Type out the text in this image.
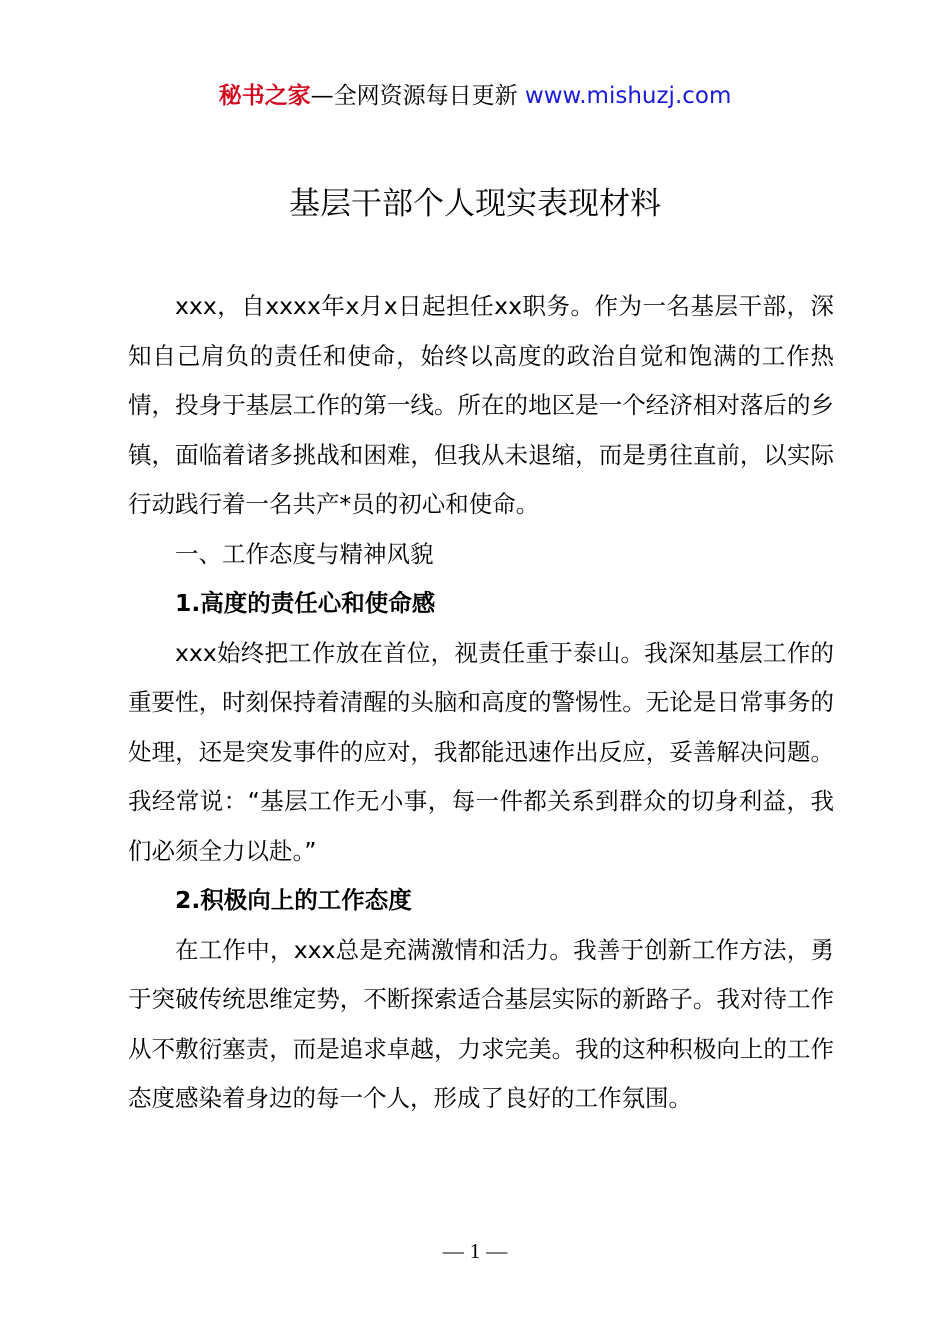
秘书之家—全网资源每日更新 www.mishuzj.com
基层干部个人现实表现材料

xxx，自xxxx年x月x日起担任xx职务。作为一名基层干部，深知自己肩负的责任和使命，始终以高度的政治自觉和饱满的工作热情，投身于基层工作的第一线。所在的地区是一个经济相对落后的乡镇，面临着诸多挑战和困难，但我从未退缩，而是勇往直前，以实际行动践行着一名共产*员的初心和使命。

一、工作态度与精神风貌

1.高度的责任心和使命感

xxx始终把工作放在首位，视责任重于泰山。我深知基层工作的重要性，时刻保持着清醒的头脑和高度的警惕性。无论是日常事务的处理，还是突发事件的应对，我都能迅速作出反应，妥善解决问题。我经常说：“基层工作无小事，每一件都关系到群众的切身利益，我们必须全力以赴。”

2.积极向上的工作态度

在工作中，xxx总是充满激情和活力。我善于创新工作方法，勇于突破传统思维定势，不断探索适合基层实际的新路子。我对待工作从不敷衍塞责，而是追求卓越，力求完美。我的这种积极向上的工作态度感染着身边的每一个人，形成了良好的工作氛围。

— 1 —
